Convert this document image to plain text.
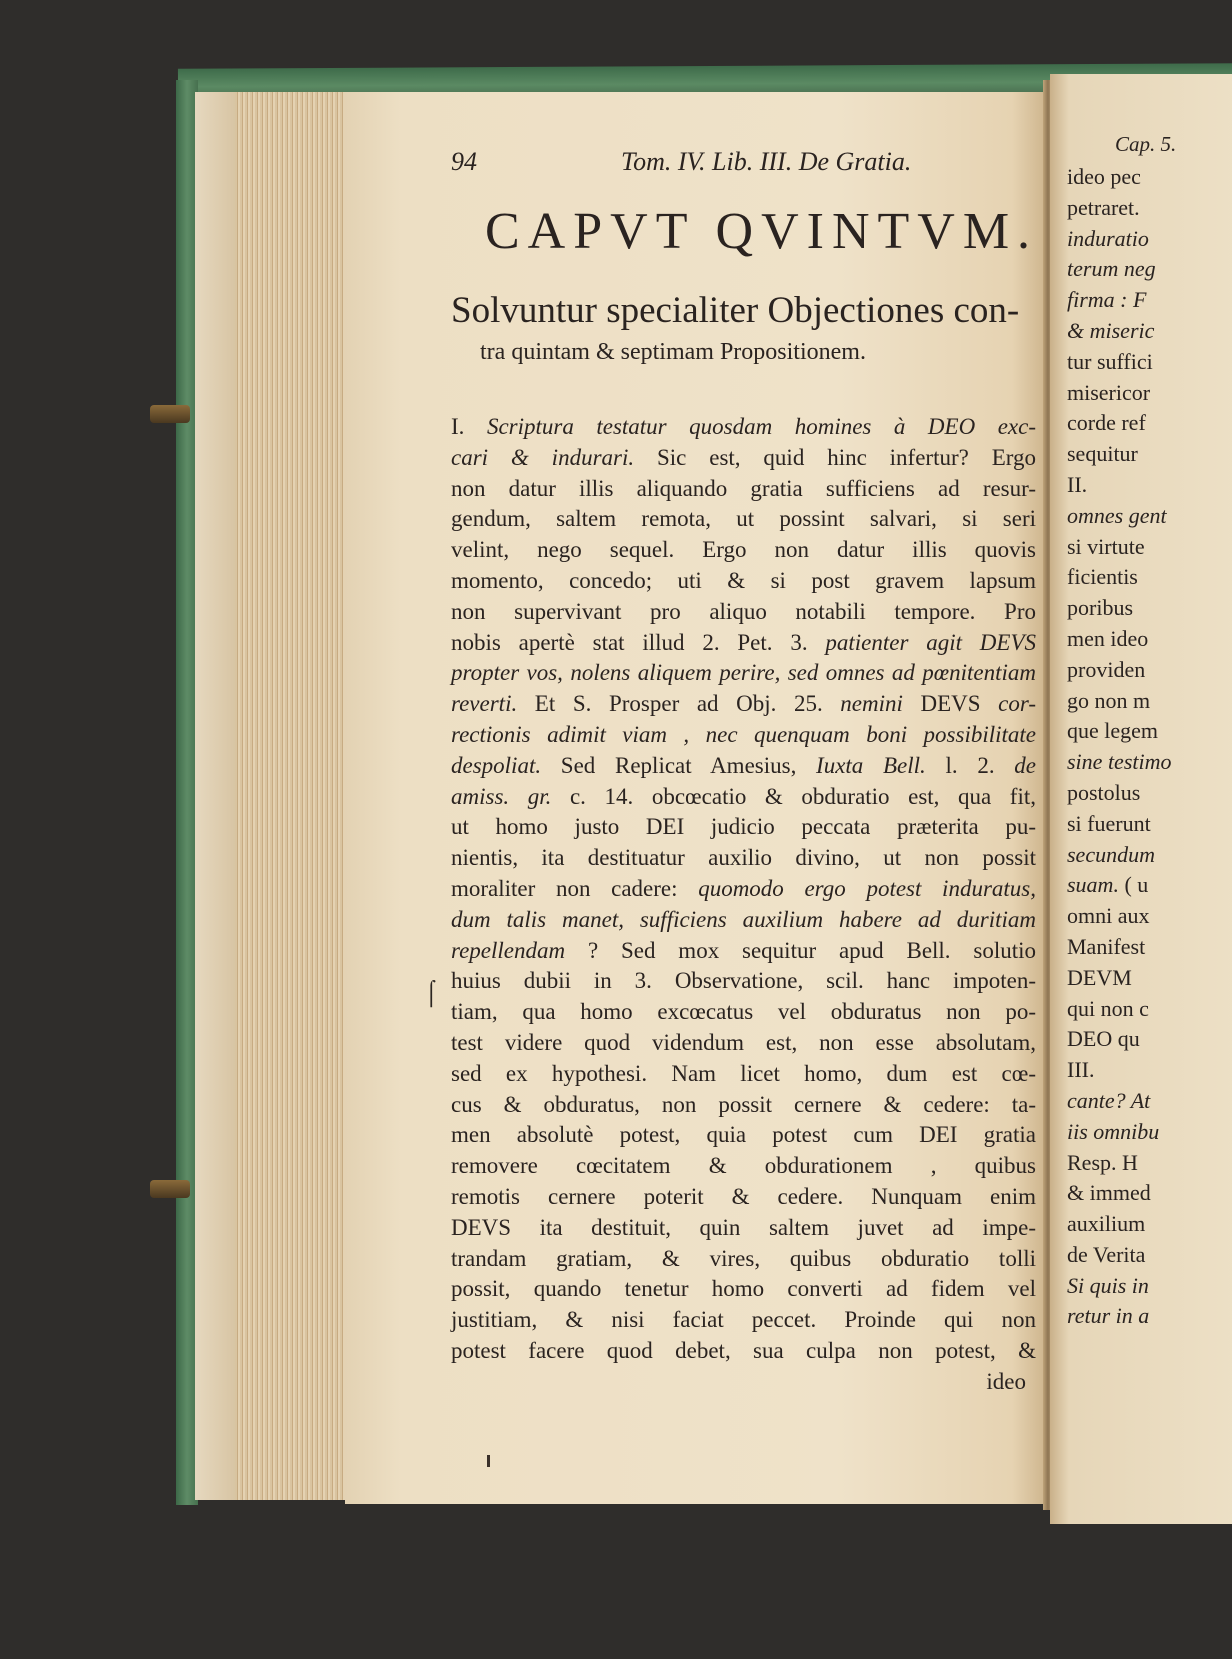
94	Tom. IV. Lib. III. De Gratia.
CAPVT QVINTVM.
Solvuntur specialiter Objectiones con-
tra quintam & septimam Propositionem.
I. Scriptura testatur quosdam homines à DEO exc-
cari & indurari. Sic est, quid hinc infertur? Ergo
non datur illis aliquando gratia sufficiens ad resur-
gendum, saltem remota, ut possint salvari, si seri
velint, nego sequel. Ergo non datur illis quovis
momento, concedo; uti & si post gravem lapsum
non supervivant pro aliquo notabili tempore. Pro
nobis apertè stat illud 2. Pet. 3. patienter agit DEVS
propter vos, nolens aliquem perire, sed omnes ad pœnitentiam
reverti. Et S. Prosper ad Obj. 25. nemini DEVS cor-
rectionis adimit viam , nec quenquam boni possibilitate
despoliat. Sed Replicat Amesius, Iuxta Bell. l. 2. de
amiss. gr. c. 14. obcœcatio & obduratio est, qua fit,
ut homo justo DEI judicio peccata præterita pu-
nientis, ita destituatur auxilio divino, ut non possit
moraliter non cadere: quomodo ergo potest induratus,
dum talis manet, sufficiens auxilium habere ad duritiam
repellendam ? Sed mox sequitur apud Bell. solutio
huius dubii in 3. Observatione, scil. hanc impoten-
tiam, qua homo excœcatus vel obduratus non po-
test videre quod videndum est, non esse absolutam,
sed ex hypothesi. Nam licet homo, dum est cœ-
cus & obduratus, non possit cernere & cedere: ta-
men absolutè potest, quia potest cum DEI gratia
removere cœcitatem & obdurationem , quibus
remotis cernere poterit & cedere. Nunquam enim
DEVS ita destituit, quin saltem juvet ad impe-
trandam gratiam, & vires, quibus obduratio tolli
possit, quando tenetur homo converti ad fidem vel
justitiam, & nisi faciat peccet. Proinde qui non
potest facere quod debet, sua culpa non potest, &
ideo
⌠
Cap. 5.
ideo pec
petraret.
induratio
terum neg
firma : F
& miseric
tur suffici
misericor
corde ref
sequitur
II.
omnes gent
si virtute
ficientis
poribus
men ideo
providen
go non m
que legem
sine testimo
postolus
si fuerunt
secundum
suam. ( u
omni aux
Manifest
DEVM
qui non c
DEO qu
III.
cante? At
iis omnibu
Resp. H
& immed
auxilium
de Verita
Si quis in
retur in a
